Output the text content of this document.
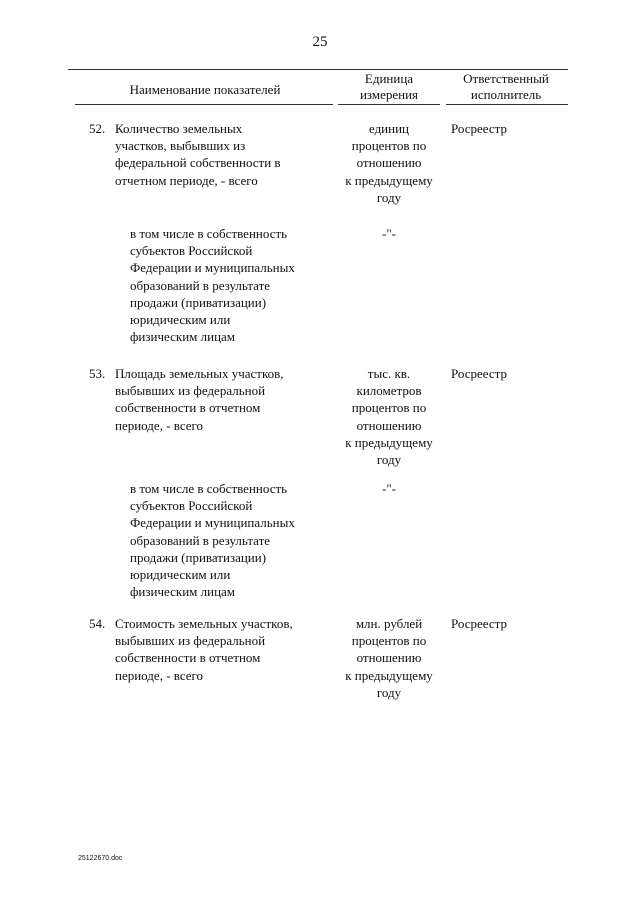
25
Наименование показателей
Единица
измерения
Ответственный
исполнитель
52. Количество земельных
участков, выбывших из
федеральной собственности в
отчетном периоде, - всего
единиц
процентов по
отношению
к предыдущему
году
Росреестр
в том числе в собственность
субъектов Российской
Федерации и муниципальных
образований в результате
продажи (приватизации)
юридическим или
физическим лицам
-"-
53. Площадь земельных участков,
выбывших из федеральной
собственности в отчетном
периоде, - всего
тыс. кв.
километров
процентов по
отношению
к предыдущему
году
Росреестр
в том числе в собственность
субъектов Российской
Федерации и муниципальных
образований в результате
продажи (приватизации)
юридическим или
физическим лицам
-"-
54. Стоимость земельных участков,
выбывших из федеральной
собственности в отчетном
периоде, - всего
млн. рублей
процентов по
отношению
к предыдущему
году
Росреестр
25122670.doc
